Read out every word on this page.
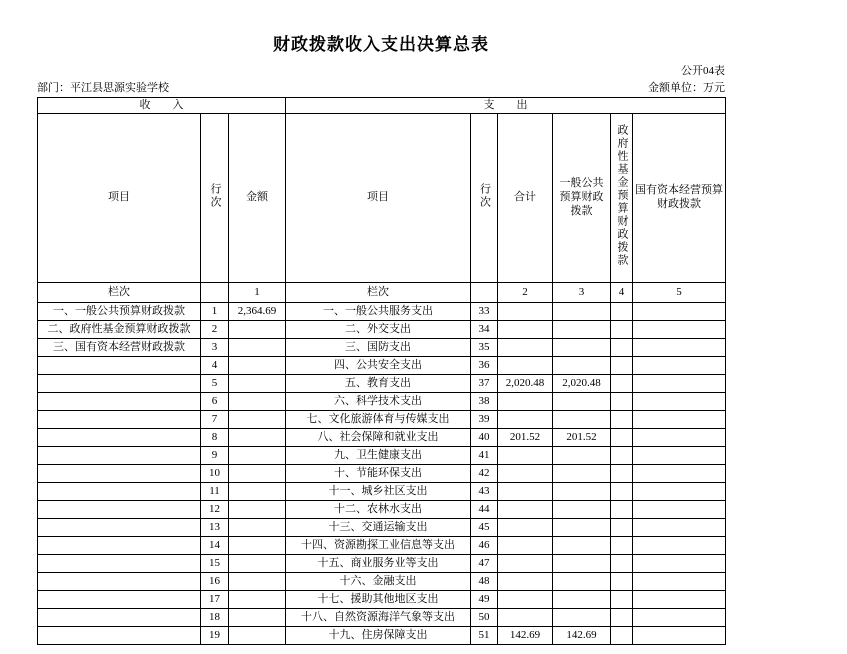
财政拨款收入支出决算总表
公开04表
部门：平江县思源实验学校	金额单位：万元
收　　入			支　　出					
项目	行次	金额	项目	行次	合计	一般公共预算财政拨款	政府性基金预算财政拨款	国有资本经营预算财政拨款
栏次		1	栏次		2	3	4	5
一、一般公共预算财政拨款	1	2,364.69	一、一般公共服务支出	33				
二、政府性基金预算财政拨款	2		二、外交支出	34				
三、国有资本经营财政拨款	3		三、国防支出	35				
	4		四、公共安全支出	36				
	5		五、教育支出	37	2,020.48	2,020.48		
	6		六、科学技术支出	38				
	7		七、文化旅游体育与传媒支出	39				
	8		八、社会保障和就业支出	40	201.52	201.52		
	9		九、卫生健康支出	41				
	10		十、节能环保支出	42				
	11		十一、城乡社区支出	43				
	12		十二、农林水支出	44				
	13		十三、交通运输支出	45				
	14		十四、资源勘探工业信息等支出	46				
	15		十五、商业服务业等支出	47				
	16		十六、金融支出	48				
	17		十七、援助其他地区支出	49				
	18		十八、自然资源海洋气象等支出	50				
	19		十九、住房保障支出	51	142.69	142.69		
